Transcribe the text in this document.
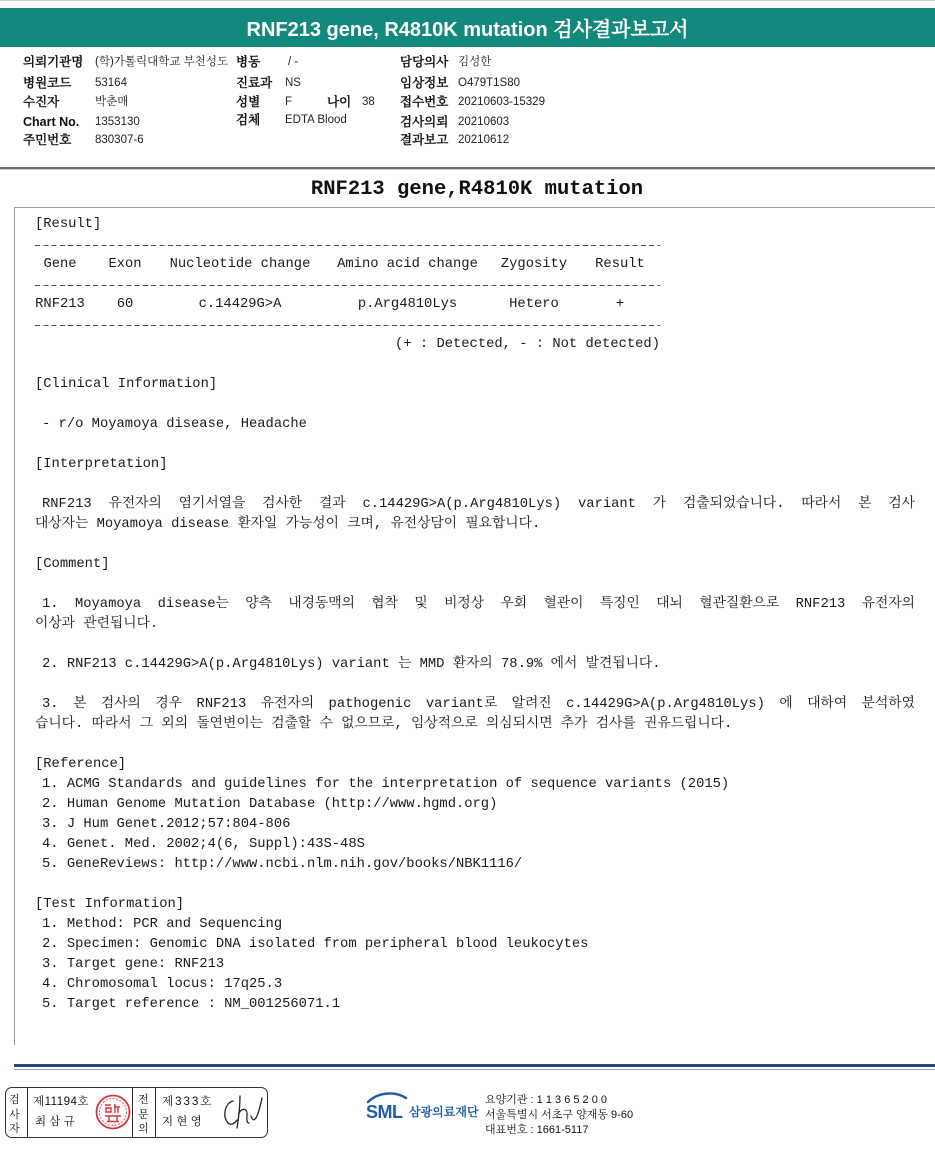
RNF213 gene, R4810K mutation 검사결과보고서
의뢰기관명 (학)가톨릭대학교 부천성도 병동 / -	담당의사 김성한
병원코드 53164	진료과 NS	임상정보 O479T1S80
수진자	박춘매	성별 F	나이 38 접수번호 20210603-15329
Chart No. 1353130	검체 EDTA Blood	검사의뢰 20210603
주민번호 830307-6	결과보고 20210612
RNF213 gene,R4810K mutation
[Result]
Gene	Exon	Nucleotide change	Amino acid change	Zygosity	Result
RNF213	60	c.14429G>A	p.Arg4810Lys	Hetero	+
(+ : Detected, - : Not detected)
[Clinical Information]
- r/o Moyamoya disease, Headache
[Interpretation]
RNF213 유전자의 염기서열을 검사한 결과 c.14429G>A(p.Arg4810Lys) variant 가 검출되었습니다. 따라서 본 검사
대상자는 Moyamoya disease 환자일 가능성이 크며, 유전상담이 필요합니다.
[Comment]
1. Moyamoya disease는 양측 내경동맥의 협착 및 비정상 우회 혈관이 특징인 대뇌 혈관질환으로 RNF213 유전자의
이상과 관련됩니다.
2. RNF213 c.14429G>A(p.Arg4810Lys) variant 는 MMD 환자의 78.9% 에서 발견됩니다.
3. 본 검사의 경우 RNF213 유전자의 pathogenic variant로 알려진 c.14429G>A(p.Arg4810Lys) 에 대하여 분석하였
습니다. 따라서 그 외의 돌연변이는 검출할 수 없으므로, 임상적으로 의심되시면 추가 검사를 권유드립니다.
[Reference]
1. ACMG Standards and guidelines for the interpretation of sequence variants (2015)
2. Human Genome Mutation Database (http://www.hgmd.org)
3. J Hum Genet.2012;57:804-806
4. Genet. Med. 2002;4(6, Suppl):43S-48S
5. GeneReviews: http://www.ncbi.nlm.nih.gov/books/NBK1116/
[Test Information]
1. Method: PCR and Sequencing
2. Specimen: Genomic DNA isolated from peripheral blood leukocytes
3. Target gene: RNF213
4. Chromosomal locus: 17q25.3
5. Target reference : NM_001256071.1
검사자
제11194호
최 삼 규
전문의
제333호
지 현 영	SML 삼광의료재단
요양기관 : 1 1 3 6 5 2 0 0
서울특별시 서초구 양재동 9-60
대표번호 : 1661-5117
